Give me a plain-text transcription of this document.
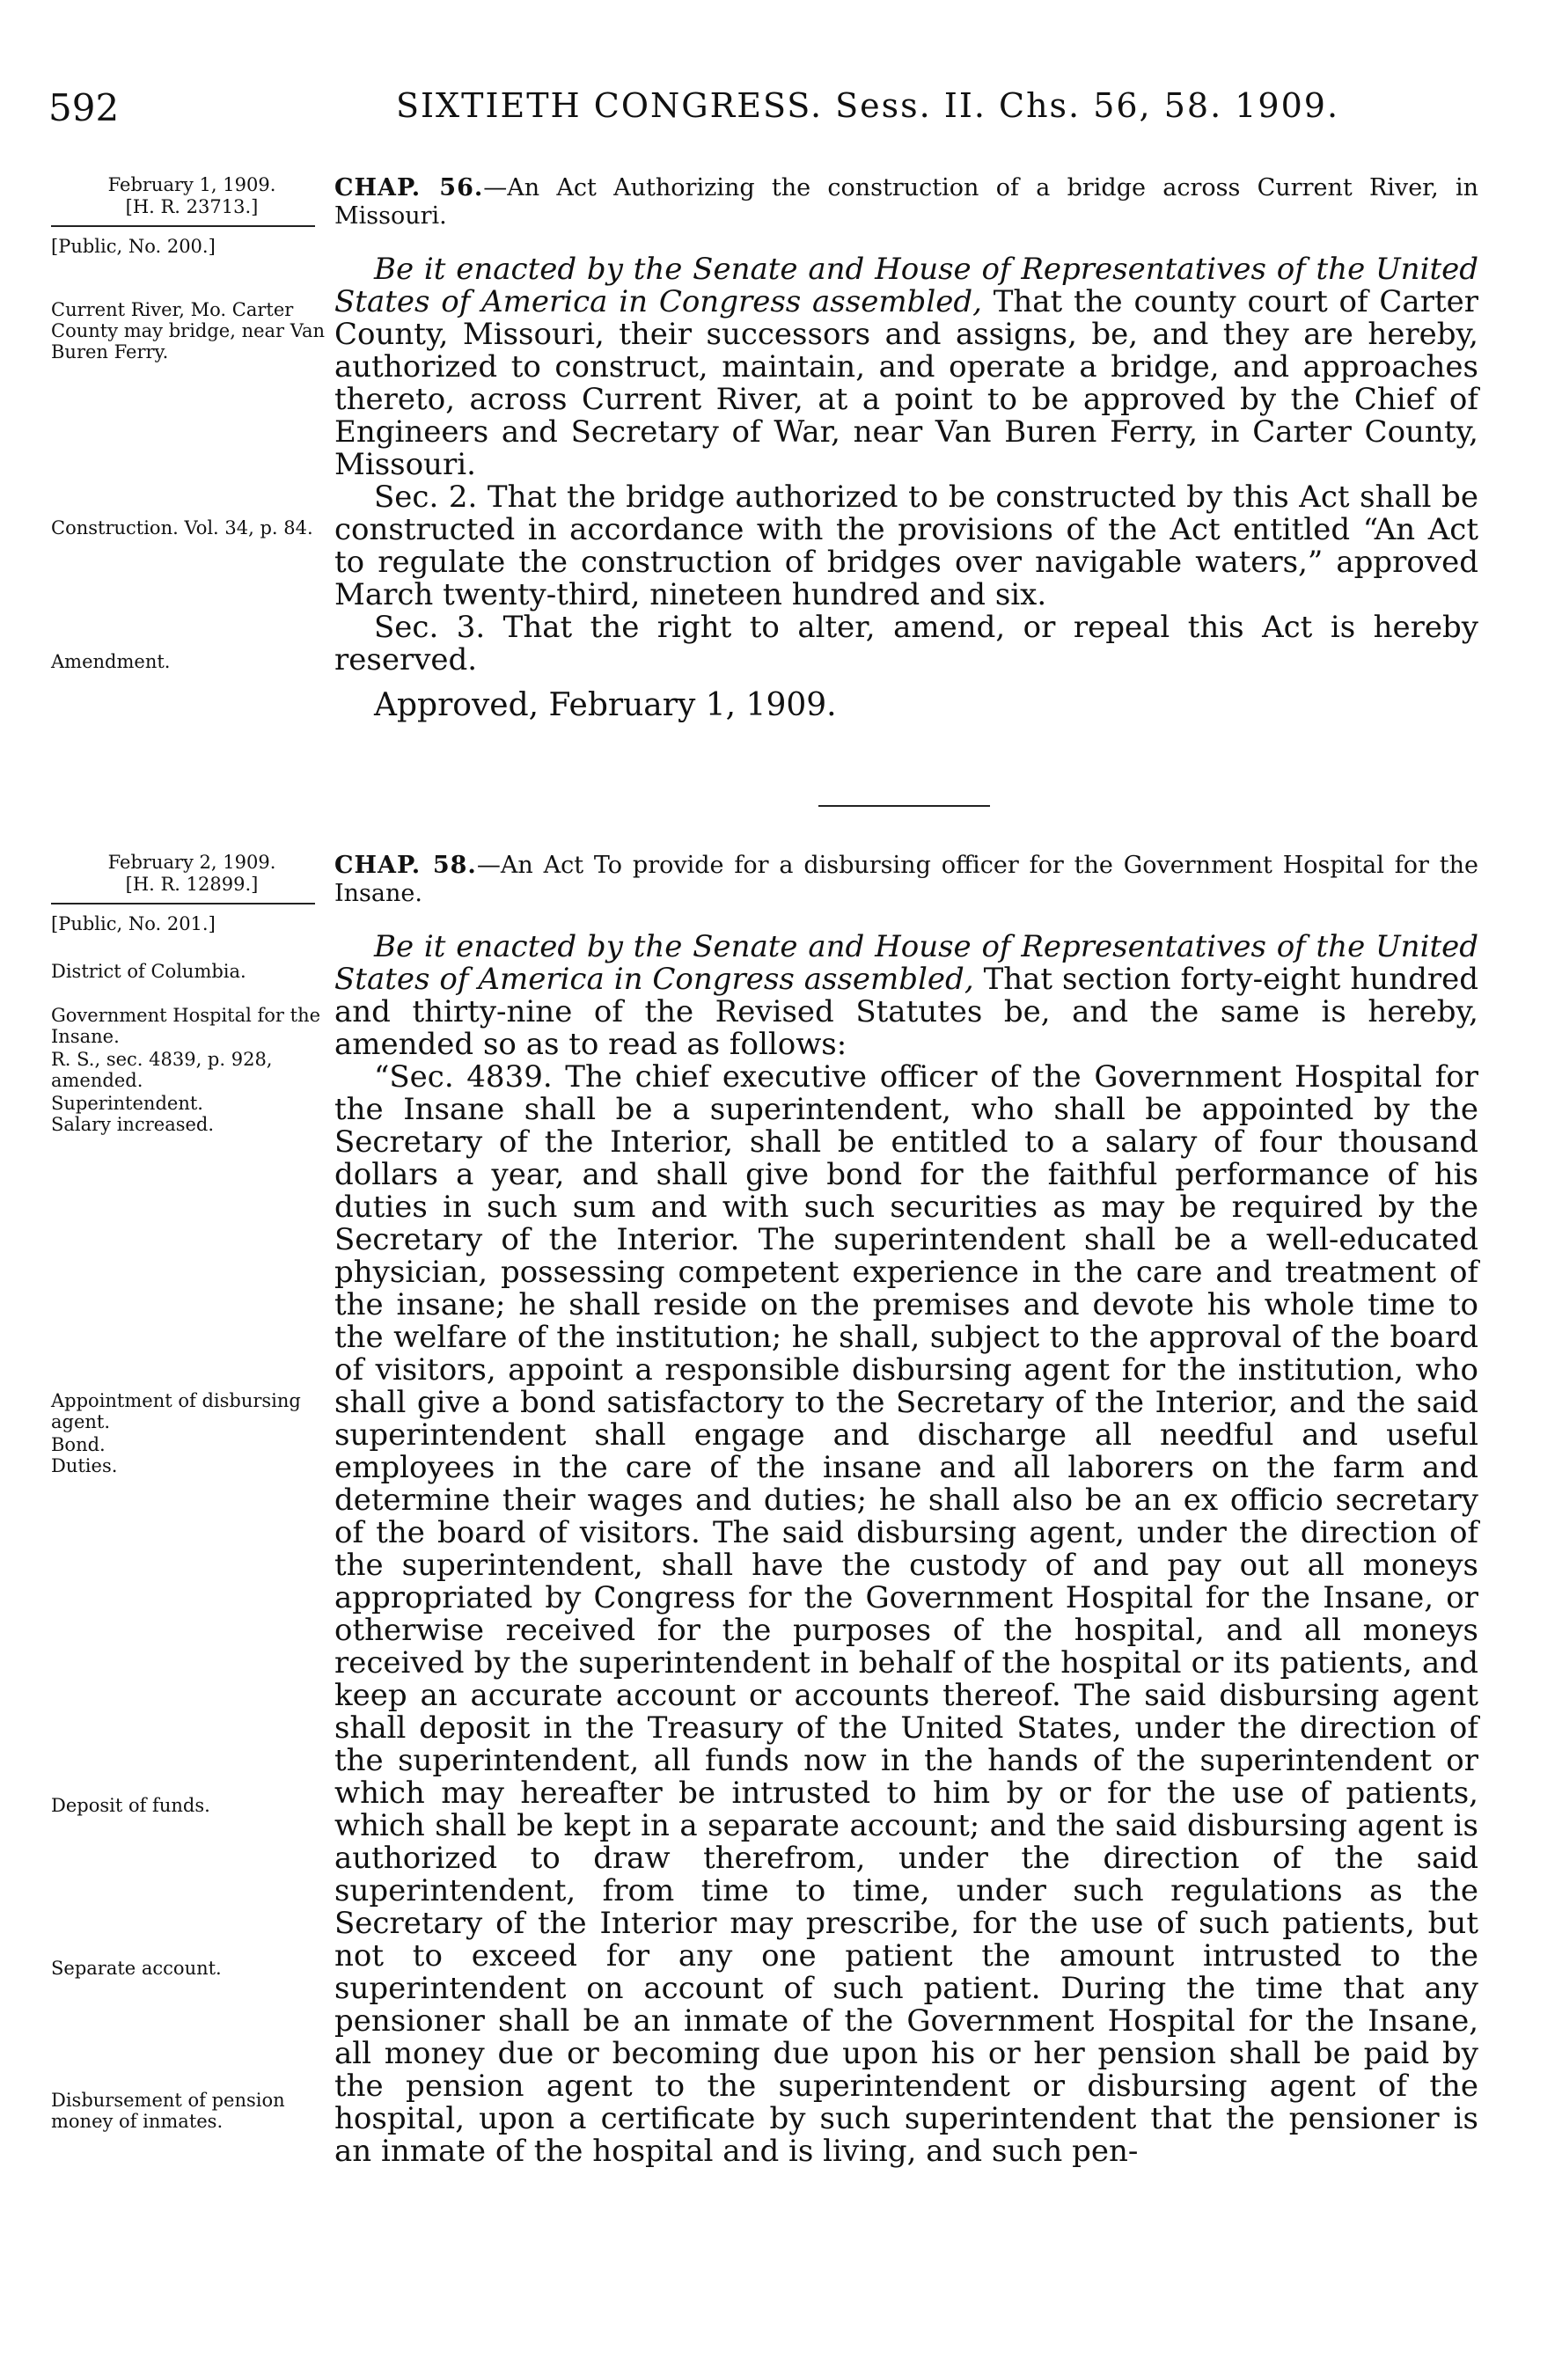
592	SIXTIETH CONGRESS. Sess. II. Chs. 56, 58. 1909.
February 1, 1909.
[H. R. 23713.]
[Public, No. 200.]
Current River, Mo. Carter County may bridge, near Van Buren Ferry.
Construction. Vol. 34, p. 84.
Amendment.
CHAP. 56.—An Act Authorizing the construction of a bridge across Current River, in Missouri.

Be it enacted by the Senate and House of Representatives of the United States of America in Congress assembled, That the county court of Carter County, Missouri, their successors and assigns, be, and they are hereby, authorized to construct, maintain, and operate a bridge, and approaches thereto, across Current River, at a point to be approved by the Chief of Engineers and Secretary of War, near Van Buren Ferry, in Carter County, Missouri.

Sec. 2. That the bridge authorized to be constructed by this Act shall be constructed in accordance with the provisions of the Act entitled “An Act to regulate the construction of bridges over navigable waters,” approved March twenty-third, nineteen hundred and six.

Sec. 3. That the right to alter, amend, or repeal this Act is hereby reserved.

Approved, February 1, 1909.
February 2, 1909.
[H. R. 12899.]
[Public, No. 201.]
District of Columbia.
Government Hospital for the Insane.
R. S., sec. 4839, p. 928, amended.
Superintendent.
Salary increased.
Appointment of disbursing agent.
Bond.
Duties.
Deposit of funds.
Separate account.
Disbursement of pension money of inmates.
CHAP. 58.—An Act To provide for a disbursing officer for the Government Hospital for the Insane.

Be it enacted by the Senate and House of Representatives of the United States of America in Congress assembled, That section forty-eight hundred and thirty-nine of the Revised Statutes be, and the same is hereby, amended so as to read as follows:

“Sec. 4839. The chief executive officer of the Government Hospital for the Insane shall be a superintendent, who shall be appointed by the Secretary of the Interior, shall be entitled to a salary of four thousand dollars a year, and shall give bond for the faithful performance of his duties in such sum and with such securities as may be required by the Secretary of the Interior. The superintendent shall be a well-educated physician, possessing competent experience in the care and treatment of the insane; he shall reside on the premises and devote his whole time to the welfare of the institution; he shall, subject to the approval of the board of visitors, appoint a responsible disbursing agent for the institution, who shall give a bond satisfactory to the Secretary of the Interior, and the said superintendent shall engage and discharge all needful and useful employees in the care of the insane and all laborers on the farm and determine their wages and duties; he shall also be an ex officio secretary of the board of visitors. The said disbursing agent, under the direction of the superintendent, shall have the custody of and pay out all moneys appropriated by Congress for the Government Hospital for the Insane, or otherwise received for the purposes of the hospital, and all moneys received by the superintendent in behalf of the hospital or its patients, and keep an accurate account or accounts thereof. The said disbursing agent shall deposit in the Treasury of the United States, under the direction of the superintendent, all funds now in the hands of the superintendent or which may hereafter be intrusted to him by or for the use of patients, which shall be kept in a separate account; and the said disbursing agent is authorized to draw therefrom, under the direction of the said superintendent, from time to time, under such regulations as the Secretary of the Interior may prescribe, for the use of such patients, but not to exceed for any one patient the amount intrusted to the superintendent on account of such patient. During the time that any pensioner shall be an inmate of the Government Hospital for the Insane, all money due or becoming due upon his or her pension shall be paid by the pension agent to the superintendent or disbursing agent of the hospital, upon a certificate by such superintendent that the pensioner is an inmate of the hospital and is living, and such pen-
